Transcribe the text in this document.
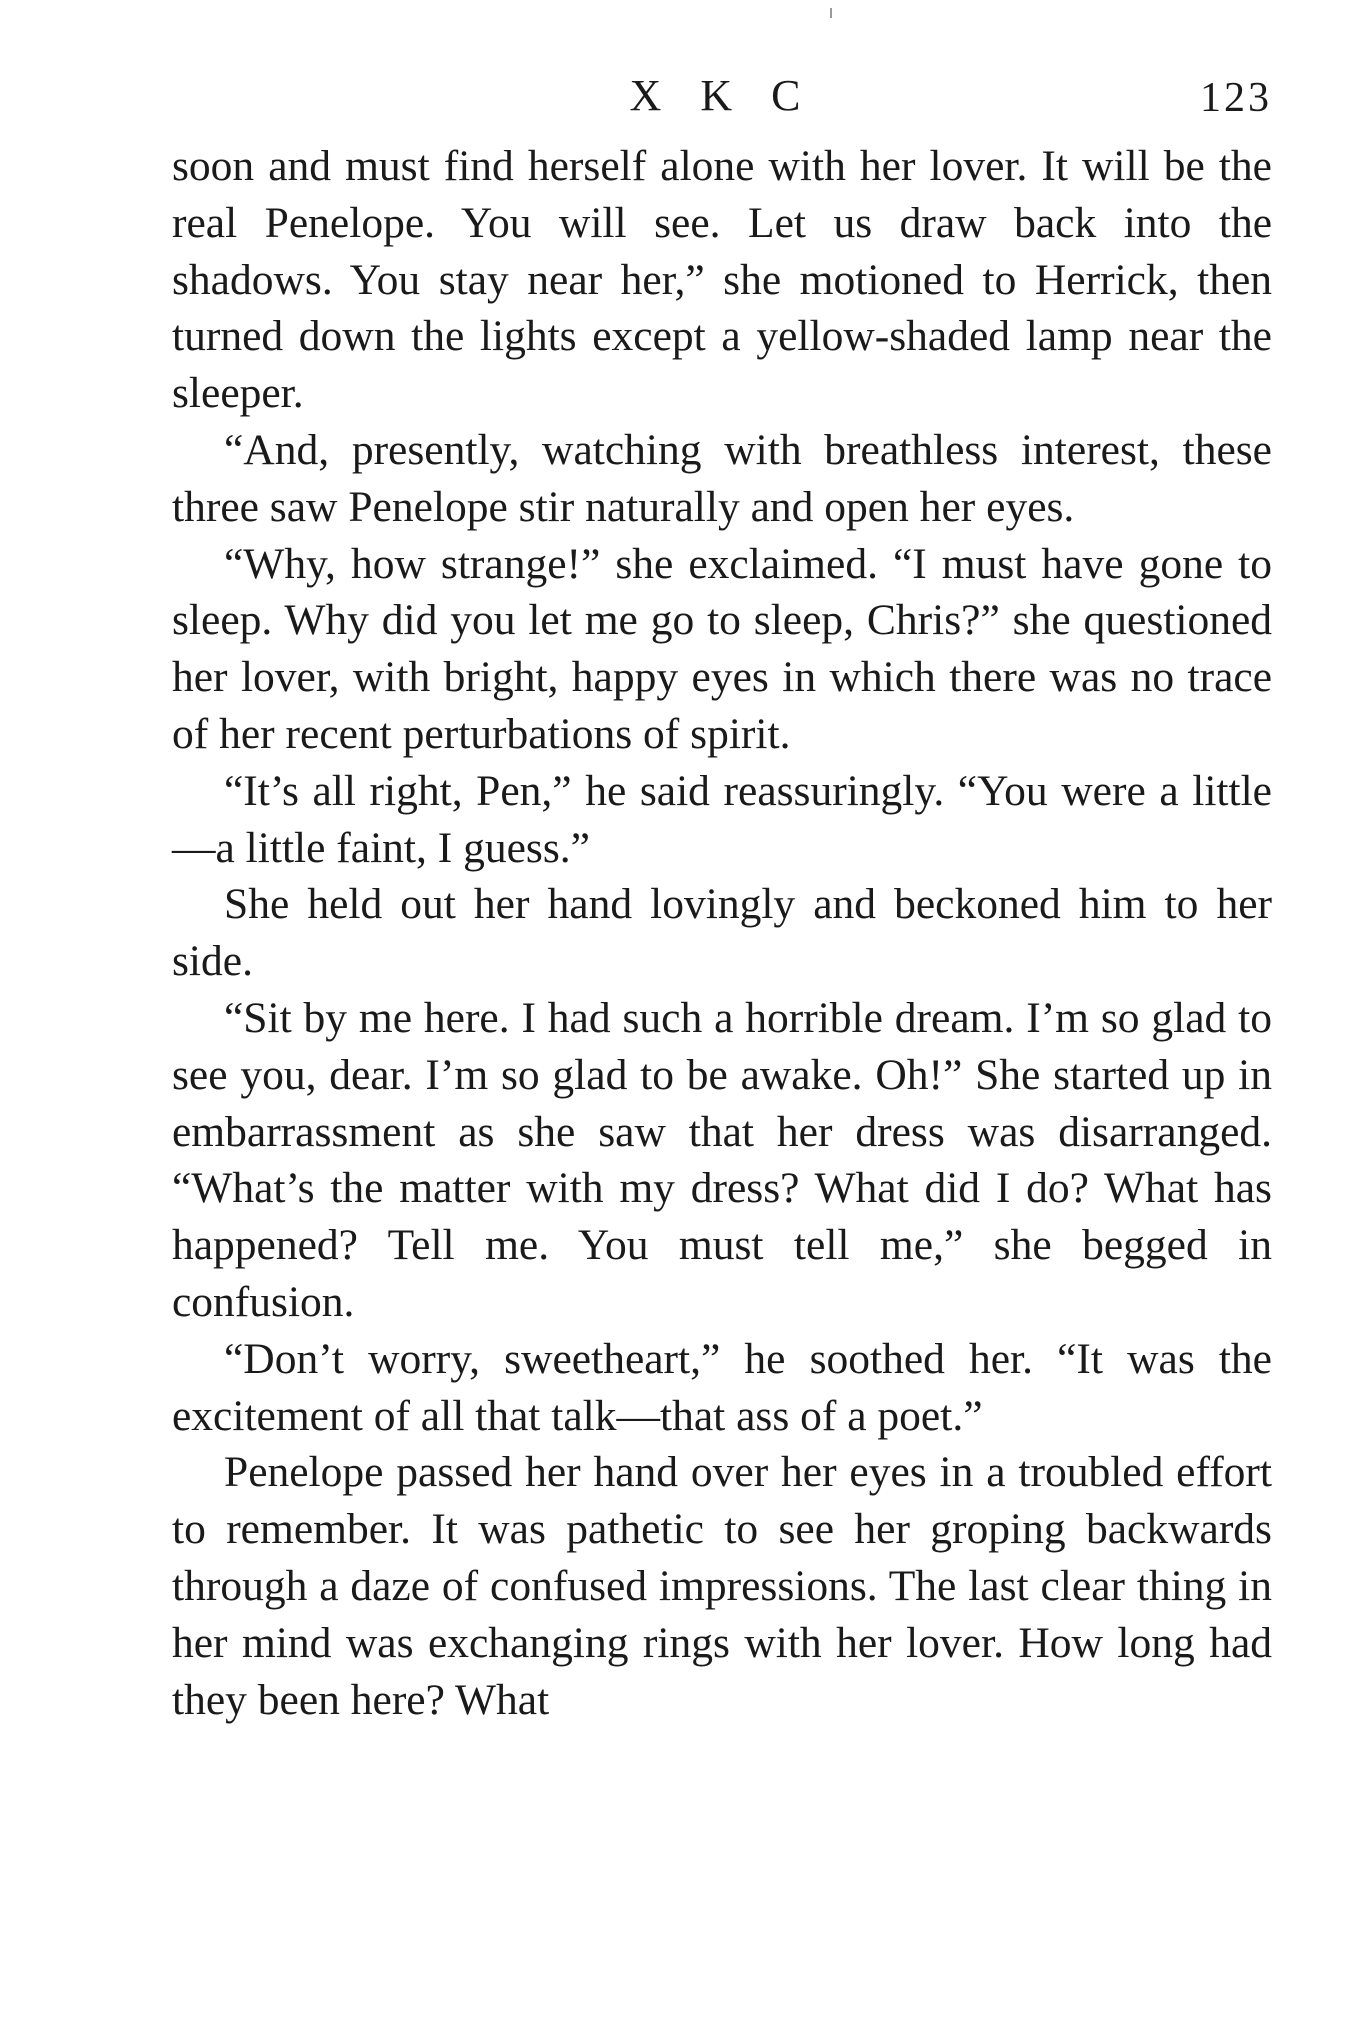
X K C	123

soon and must find herself alone with her lover. It will be the real Penelope. You will see. Let us draw back into the shadows. You stay near her,” she motioned to Herrick, then turned down the lights except a yellow-shaded lamp near the sleeper.

“And, presently, watching with breathless interest, these three saw Penelope stir naturally and open her eyes.

“Why, how strange!” she exclaimed. “I must have gone to sleep. Why did you let me go to sleep, Chris?” she questioned her lover, with bright, happy eyes in which there was no trace of her recent perturbations of spirit.

“It’s all right, Pen,” he said reassuringly. “You were a little—a little faint, I guess.”

She held out her hand lovingly and beckoned him to her side.

“Sit by me here. I had such a horrible dream. I’m so glad to see you, dear. I’m so glad to be awake. Oh!” She started up in embarrassment as she saw that her dress was disarranged. “What’s the matter with my dress? What did I do? What has happened? Tell me. You must tell me,” she begged in confusion.

“Don’t worry, sweetheart,” he soothed her. “It was the excitement of all that talk—that ass of a poet.”

Penelope passed her hand over her eyes in a troubled effort to remember. It was pathetic to see her groping backwards through a daze of confused impressions. The last clear thing in her mind was exchanging rings with her lover. How long had they been here? What
